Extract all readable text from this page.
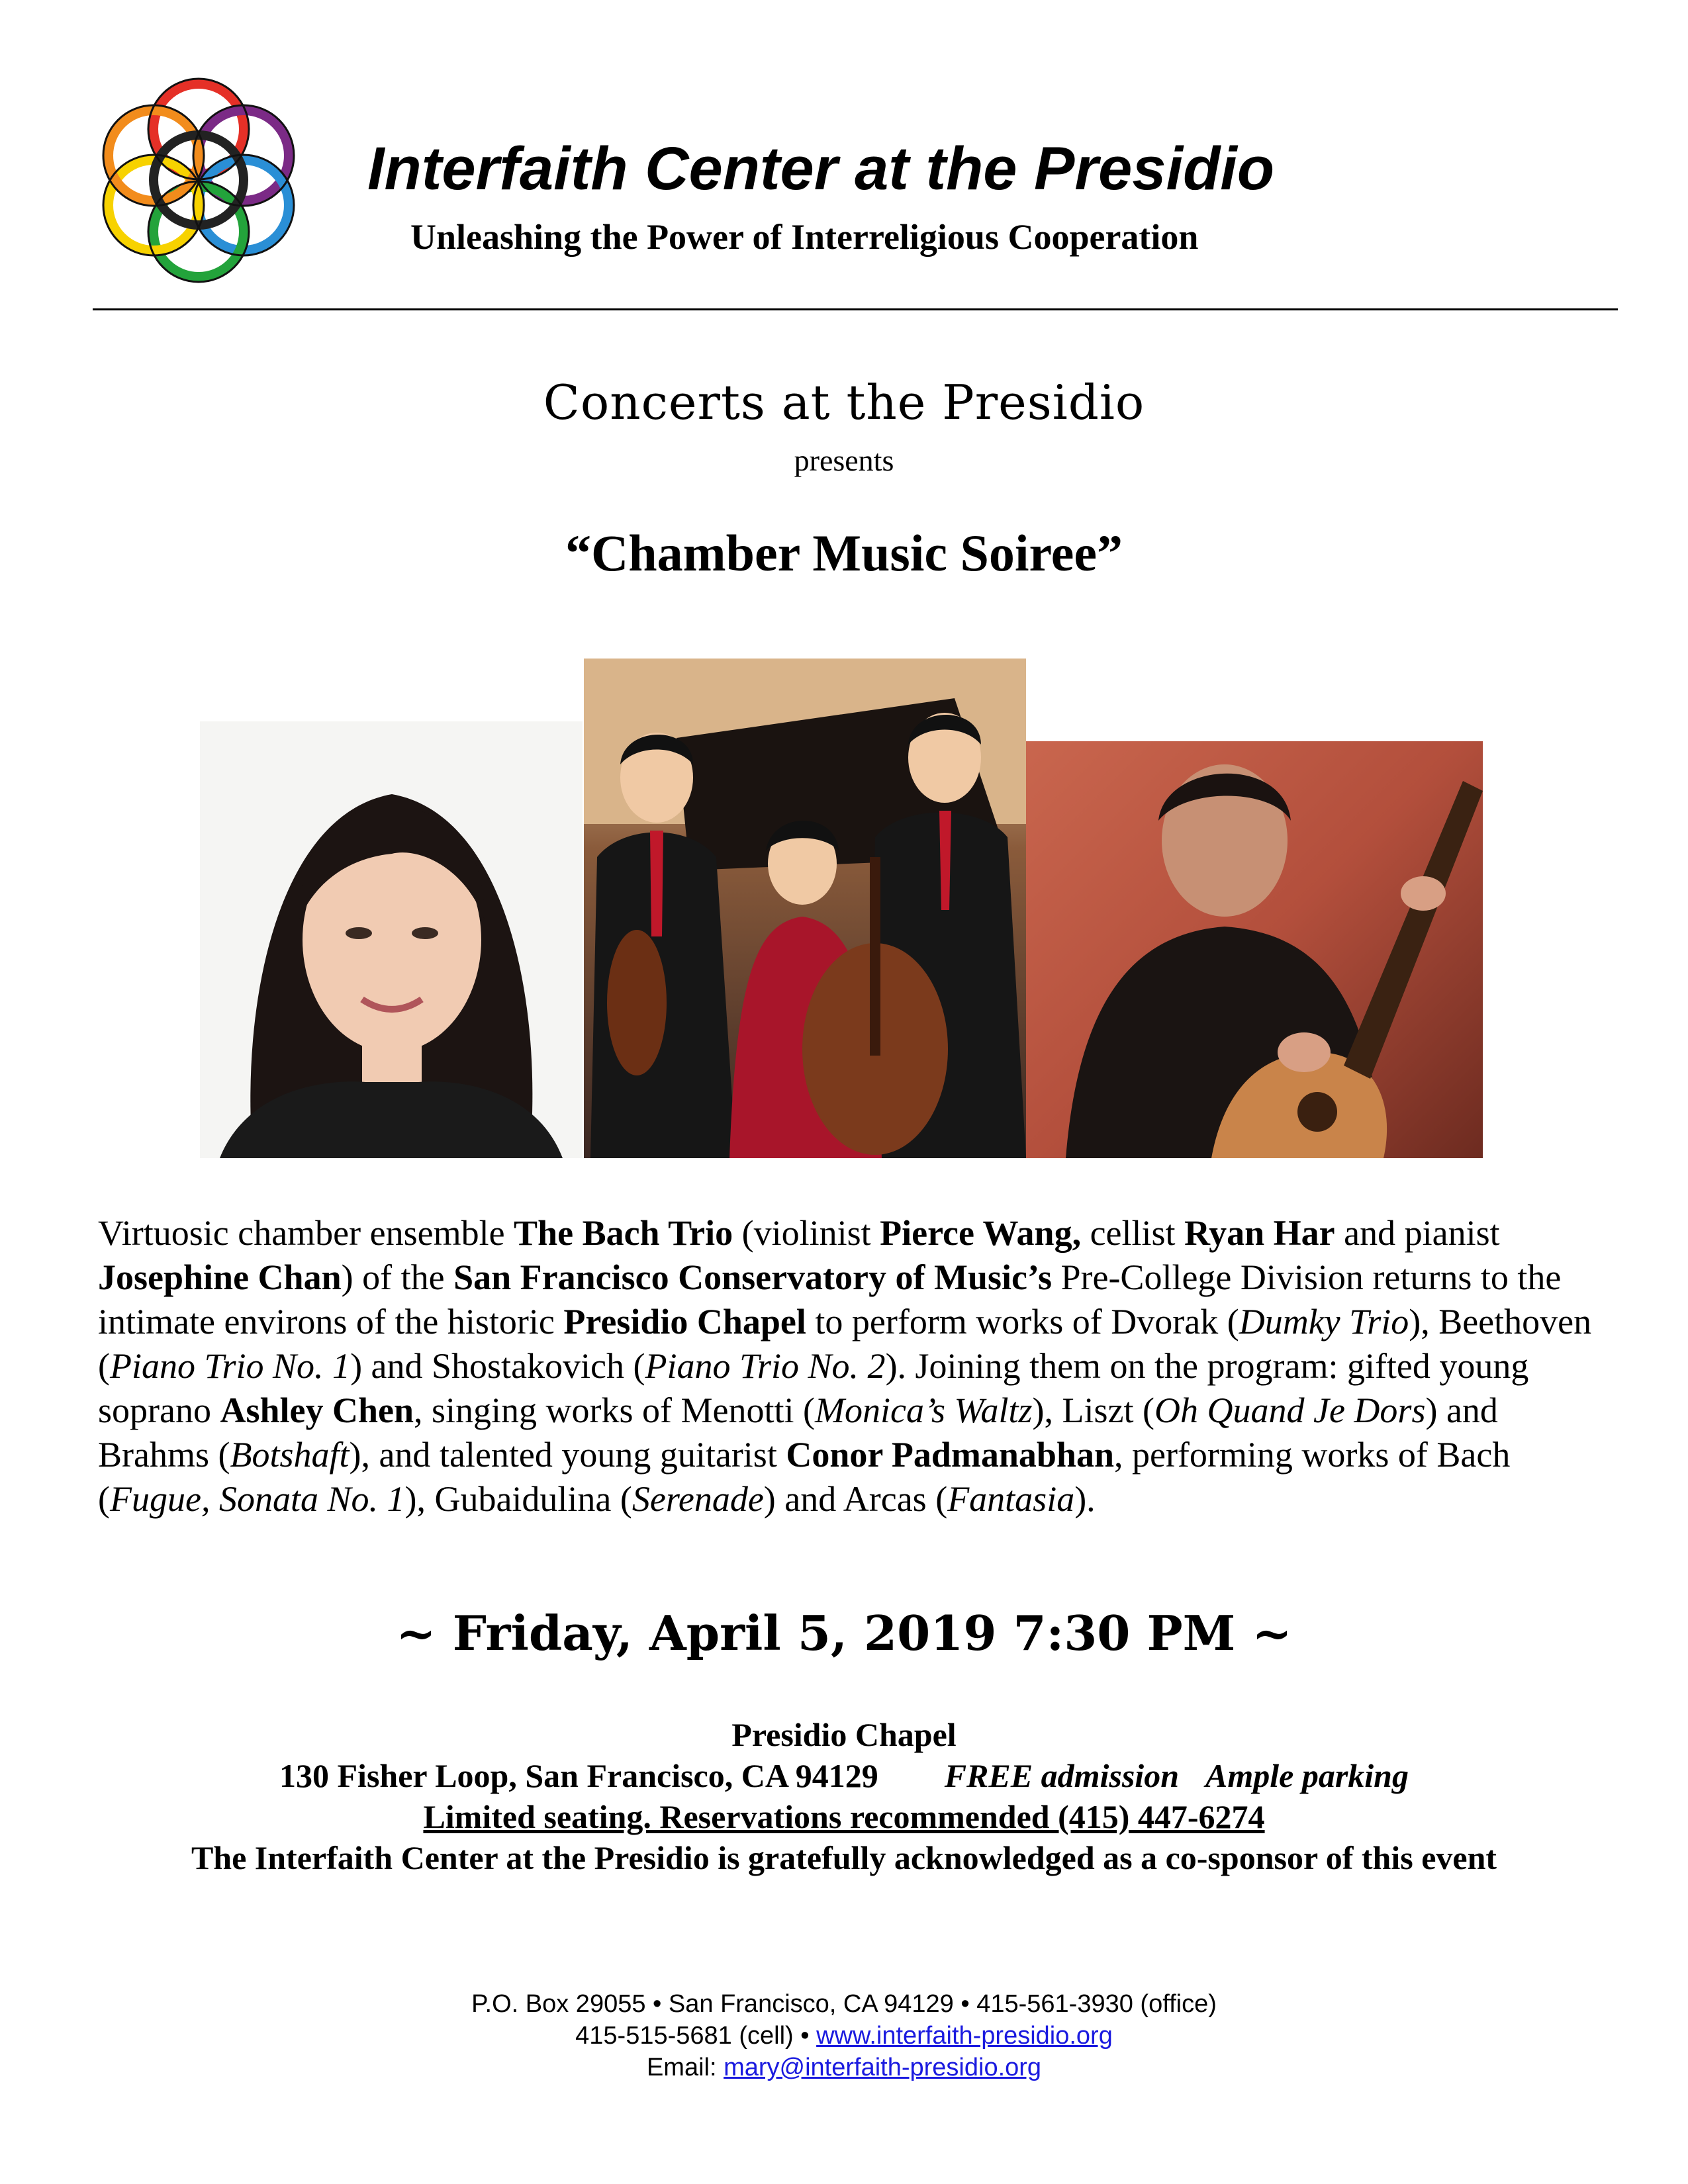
Interfaith Center at the Presidio
Unleashing the Power of Interreligious Cooperation
Concerts at the Presidio
presents
“Chamber Music Soiree”
Virtuosic chamber ensemble The Bach Trio (violinist Pierce Wang, cellist Ryan Har and pianist Josephine Chan) of the San Francisco Conservatory of Music’s Pre-College Division returns to the intimate environs of the historic Presidio Chapel to perform works of Dvorak (Dumky Trio), Beethoven (Piano Trio No. 1) and Shostakovich (Piano Trio No. 2). Joining them on the program: gifted young soprano Ashley Chen, singing works of Menotti (Monica’s Waltz), Liszt (Oh Quand Je Dors) and Brahms (Botshaft), and talented young guitarist Conor Padmanabhan, performing works of Bach (Fugue, Sonata No. 1), Gubaidulina (Serenade) and Arcas (Fantasia).
~ Friday, April 5, 2019 7:30 PM ~
Presidio Chapel
130 Fisher Loop, San Francisco, CA 94129 FREE admission Ample parking
Limited seating. Reservations recommended (415) 447-6274
The Interfaith Center at the Presidio is gratefully acknowledged as a co-sponsor of this event
P.O. Box 29055 • San Francisco, CA 94129 • 415-561-3930 (office)
415-515-5681 (cell) • www.interfaith-presidio.org
Email: mary@interfaith-presidio.org
